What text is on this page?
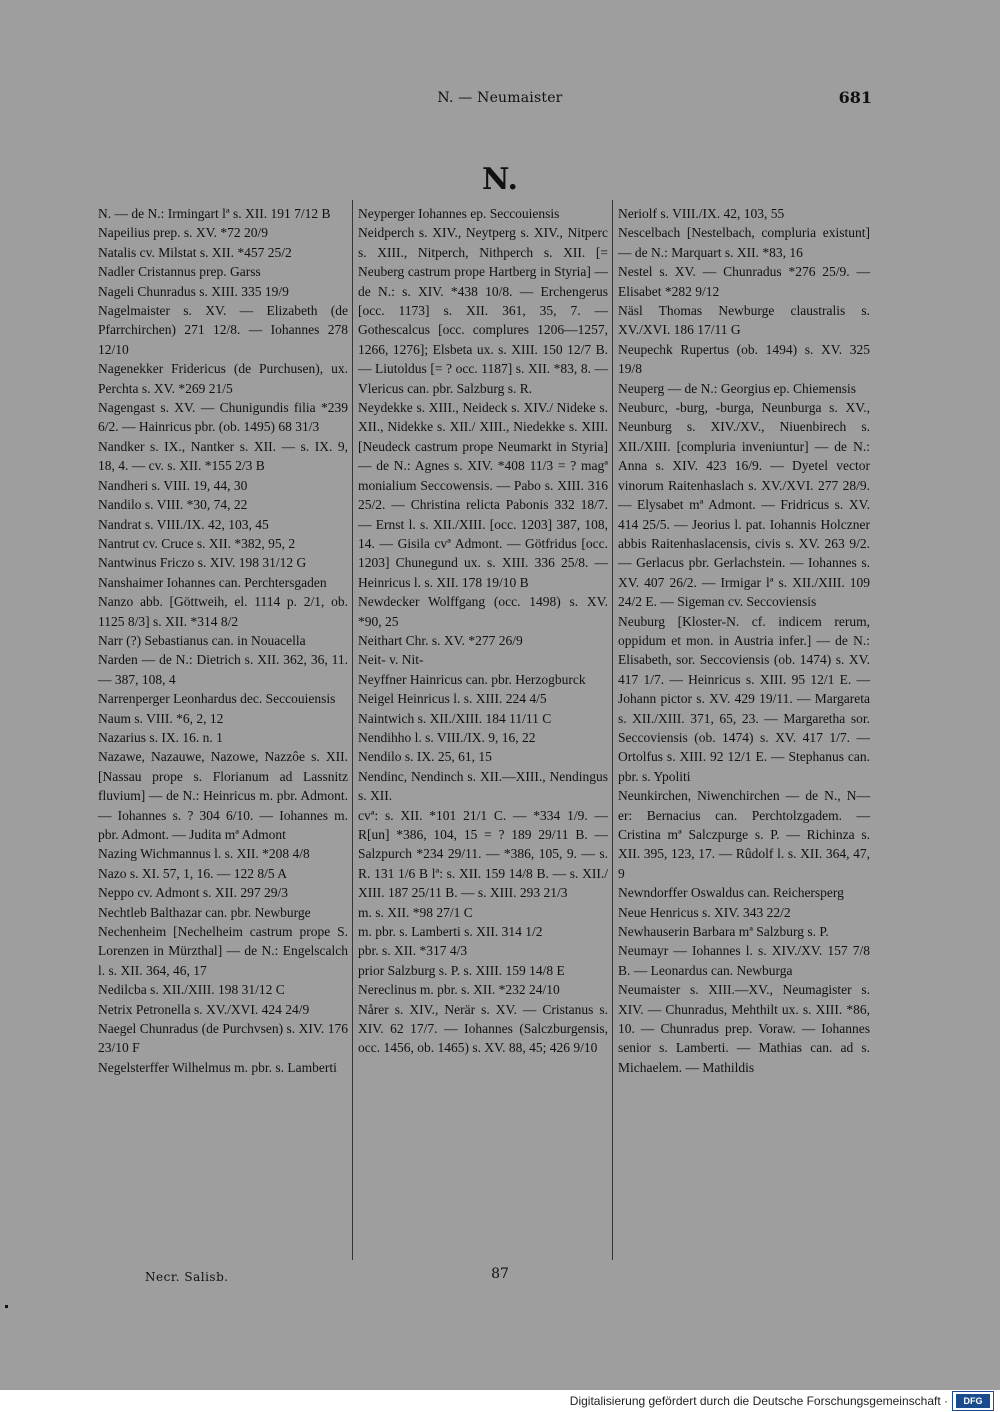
N. — Neumaister	681
N.

N. — de N.: Irmingart lª s. XII. 191 7/12 B

Napeilius prep. s. XV. *72 20/9

Natalis cv. Milstat s. XII. *457 25/2

Nadler Cristannus prep. Garss

Nageli Chunradus s. XIII. 335 19/9

Nagelmaister s. XV. — Elizabeth (de Pfarrchirchen) 271 12/8. — Iohannes 278 12/10

Nagenekker Fridericus (de Purchusen), ux. Perchta s. XV. *269 21/5

Nagengast s. XV. — Chunigundis filia *239 6/2. — Hainricus pbr. (ob. 1495) 68 31/3

Nandker s. IX., Nantker s. XII. — s. IX. 9, 18, 4. — cv. s. XII. *155 2/3 B

Nandheri s. VIII. 19, 44, 30

Nandilo s. VIII. *30, 74, 22

Nandrat s. VIII./IX. 42, 103, 45

Nantrut cv. Cruce s. XII. *382, 95, 2

Nantwinus Friczo s. XIV. 198 31/12 G

Nanshaimer Iohannes can. Perchtersgaden

Nanzo abb. [Göttweih, el. 1114 p. 2/1, ob. 1125 8/3] s. XII. *314 8/2

Narr (?) Sebastianus can. in Nouacella

Narden — de N.: Dietrich s. XII. 362, 36, 11. — 387, 108, 4

Narrenperger Leonhardus dec. Seccouiensis

Naum s. VIII. *6, 2, 12

Nazarius s. IX. 16. n. 1

Nazawe, Nazauwe, Nazowe, Nazzôe s. XII. [Nassau prope s. Florianum ad Lassnitz fluvium] — de N.: Heinricus m. pbr. Admont. — Iohannes s. ? 304 6/10. — Iohannes m. pbr. Admont. — Judita mª Admont

Nazing Wichmannus l. s. XII. *208 4/8

Nazo s. XI. 57, 1, 16. — 122 8/5 A

Neppo cv. Admont s. XII. 297 29/3

Nechtleb Balthazar can. pbr. Newburge

Nechenheim [Nechelheim castrum prope S. Lorenzen in Mürzthal] — de N.: Engelscalch l. s. XII. 364, 46, 17

Nedilcba s. XII./XIII. 198 31/12 C

Netrix Petronella s. XV./XVI. 424 24/9

Naegel Chunradus (de Purchvsen) s. XIV. 176 23/10 F

Negelsterffer Wilhelmus m. pbr. s. Lamberti

Neyperger Iohannes ep. Seccouiensis

Neidperch s. XIV., Neytperg s. XIV., Nitperc s. XIII., Nitperch, Nithperch s. XII. [= Neuberg castrum prope Hartberg in Styria] — de N.: s. XIV. *438 10/8. — Erchengerus [occ. 1173] s. XII. 361, 35, 7. — Gothescalcus [occ. complures 1206—1257, 1266, 1276]; Elsbeta ux. s. XIII. 150 12/7 B. — Liutoldus [= ? occ. 1187] s. XII. *83, 8. — Vlericus can. pbr. Salzburg s. R.

Neydekke s. XIII., Neideck s. XIV./ Nideke s. XII., Nidekke s. XII./ XIII., Niedekke s. XIII. [Neudeck castrum prope Neumarkt in Styria] — de N.: Agnes s. XIV. *408 11/3 = ? magª monialium Seccowensis. — Pabo s. XIII. 316 25/2. — Christina relicta Pabonis 332 18/7. — Ernst l. s. XII./XIII. [occ. 1203] 387, 108, 14. — Gisila cvª Admont. — Götfridus [occ. 1203] Chunegund ux. s. XIII. 336 25/8. — Heinricus l. s. XII. 178 19/10 B

Newdecker Wolffgang (occ. 1498) s. XV. *90, 25

Neithart Chr. s. XV. *277 26/9

Neit- v. Nit-

Neyffner Hainricus can. pbr. Herzogburck

Neigel Heinricus l. s. XIII. 224 4/5

Naintwich s. XII./XIII. 184 11/11 C

Nendihho l. s. VIII./IX. 9, 16, 22

Nendilo s. IX. 25, 61, 15

Nendinc, Nendinch s. XII.—XIII., Nendingus s. XII.

cvª: s. XII. *101 21/1 C. — *334 1/9. — R[un] *386, 104, 15 = ? 189 29/11 B. — Salzpurch *234 29/11. — *386, 105, 9. — s. R. 131 1/6 B lª: s. XII. 159 14/8 B. — s. XII./ XIII. 187 25/11 B. — s. XIII. 293 21/3

m. s. XII. *98 27/1 C

m. pbr. s. Lamberti s. XII. 314 1/2

pbr. s. XII. *317 4/3

prior Salzburg s. P. s. XIII. 159 14/8 E

Nereclinus m. pbr. s. XII. *232 24/10

Nårer s. XIV., Nerär s. XV. — Cristanus s. XIV. 62 17/7. — Iohannes (Salczburgensis, occ. 1456, ob. 1465) s. XV. 88, 45; 426 9/10

Neriolf s. VIII./IX. 42, 103, 55

Nescelbach [Nestelbach, compluria existunt] — de N.: Marquart s. XII. *83, 16

Nestel s. XV. — Chunradus *276 25/9. — Elisabet *282 9/12

Näsl Thomas Newburge claustralis s. XV./XVI. 186 17/11 G

Neupechk Rupertus (ob. 1494) s. XV. 325 19/8

Neuperg — de N.: Georgius ep. Chiemensis

Neuburc, -burg, -burga, Neunburga s. XV., Neunburg s. XIV./XV., Niuenbirech s. XII./XIII. [compluria inveniuntur] — de N.: Anna s. XIV. 423 16/9. — Dyetel vector vinorum Raitenhaslach s. XV./XVI. 277 28/9. — Elysabet mª Admont. — Fridricus s. XV. 414 25/5. — Jeorius l. pat. Iohannis Holczner abbis Raitenhaslacensis, civis s. XV. 263 9/2. — Gerlacus pbr. Gerlachstein. — Iohannes s. XV. 407 26/2. — Irmigar lª s. XII./XIII. 109 24/2 E. — Sigeman cv. Seccoviensis

Neuburg [Kloster-N. cf. indicem rerum, oppidum et mon. in Austria infer.] — de N.: Elisabeth, sor. Seccoviensis (ob. 1474) s. XV. 417 1/7. — Heinricus s. XIII. 95 12/1 E. — Johann pictor s. XV. 429 19/11. — Margareta s. XII./XIII. 371, 65, 23. — Margaretha sor. Seccoviensis (ob. 1474) s. XV. 417 1/7. — Ortolfus s. XIII. 92 12/1 E. — Stephanus can. pbr. s. Ypoliti

Neunkirchen, Niwenchirchen — de N., N—er: Bernacius can. Perchtolzgadem. — Cristina mª Salczpurge s. P. — Richinza s. XII. 395, 123, 17. — Rûdolf l. s. XII. 364, 47, 9

Newndorffer Oswaldus can. Reichersperg

Neue Henricus s. XIV. 343 22/2

Newhauserin Barbara mª Salzburg s. P.

Neumayr — Iohannes l. s. XIV./XV. 157 7/8 B. — Leonardus can. Newburga

Neumaister s. XIII.—XV., Neumagister s. XIV. — Chunradus, Mehthilt ux. s. XIII. *86, 10. — Chunradus prep. Voraw. — Iohannes senior s. Lamberti. — Mathias can. ad s. Michaelem. — Mathildis

Necr. Salisb.	87
Digitalisierung gefördert durch die Deutsche Forschungsgemeinschaft ·	DFG
